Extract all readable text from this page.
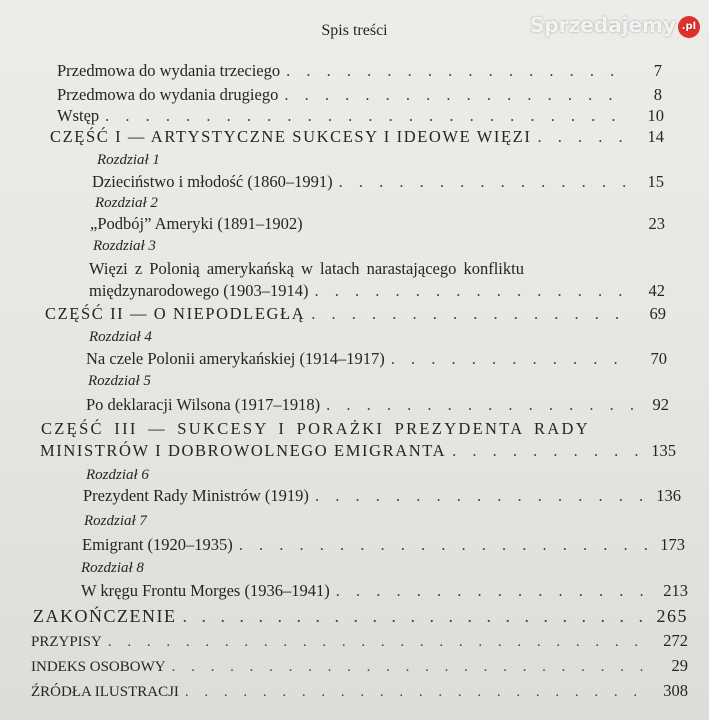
Spis treści
Przedmowa do wydania trzeciego . . .	7
Przedmowa do wydania drugiego . . .	8
Wstęp . . .	10
CZĘŚĆ I — ARTYSTYCZNE SUKCESY I IDEOWE WIĘZI . . .	14
Rozdział 1
Dzieciństwo i młodość (1860–1991) . . .	15
Rozdział 2
„Podbój” Ameryki (1891–1902)	23
Rozdział 3
Więzi z Polonią amerykańską w latach narastającego konfliktu
międzynarodowego (1903–1914) . . .	42
CZĘŚĆ II — O NIEPODLEGŁĄ . . .	69
Rozdział 4
Na czele Polonii amerykańskiej (1914–1917) . . .	70
Rozdział 5
Po deklaracji Wilsona (1917–1918) . . .	92
CZĘŚĆ III — SUKCESY I PORAŻKI PREZYDENTA RADY
MINISTRÓW I DOBROWOLNEGO EMIGRANTA . . .	135
Rozdział 6
Prezydent Rady Ministrów (1919) . . .	136
Rozdział 7
Emigrant (1920–1935) . . .	173
Rozdział 8
W kręgu Frontu Morges (1936–1941) . . .	213
ZAKOŃCZENIE . . .	265
PRZYPISY . . .	272
INDEKS OSOBOWY . . .	29
ŹRÓDŁA ILUSTRACJI . . .	308
Sprzedajemy .pl
